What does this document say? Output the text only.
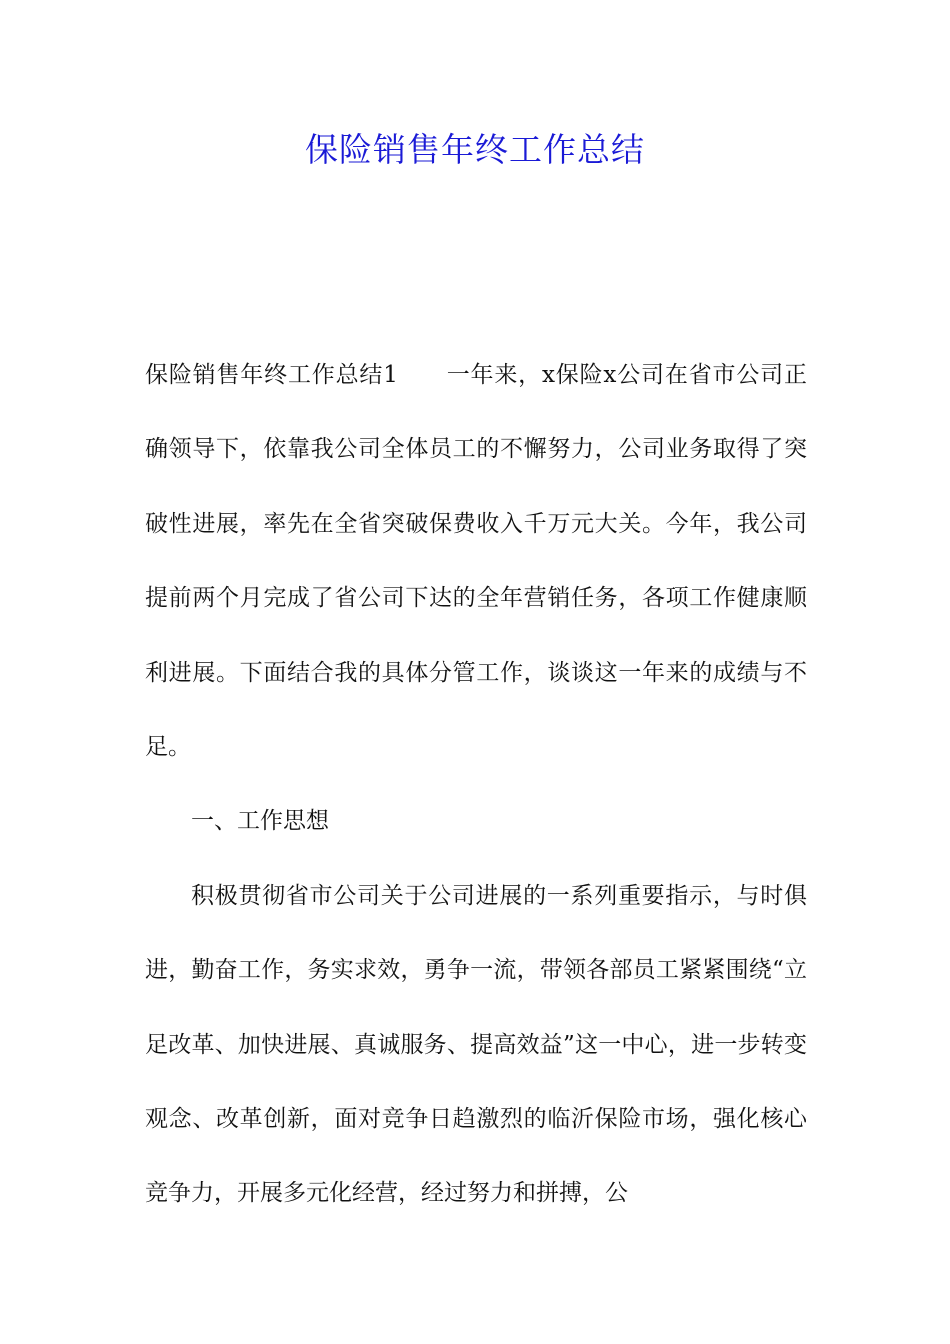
保险销售年终工作总结

保险销售年终工作总结1 一年来，x保险x公司在省市公司正确领导下，依靠我公司全体员工的不懈努力，公司业务取得了突破性进展，率先在全省突破保费收入千万元大关。今年，我公司提前两个月完成了省公司下达的全年营销任务，各项工作健康顺利进展。下面结合我的具体分管工作，谈谈这一年来的成绩与不足。

一、工作思想

积极贯彻省市公司关于公司进展的一系列重要指示，与时俱进，勤奋工作，务实求效，勇争一流，带领各部员工紧紧围绕“立足改革、加快进展、真诚服务、提高效益”这一中心，进一步转变观念、改革创新，面对竞争日趋激烈的临沂保险市场，强化核心竞争力，开展多元化经营，经过努力和拼搏，公
